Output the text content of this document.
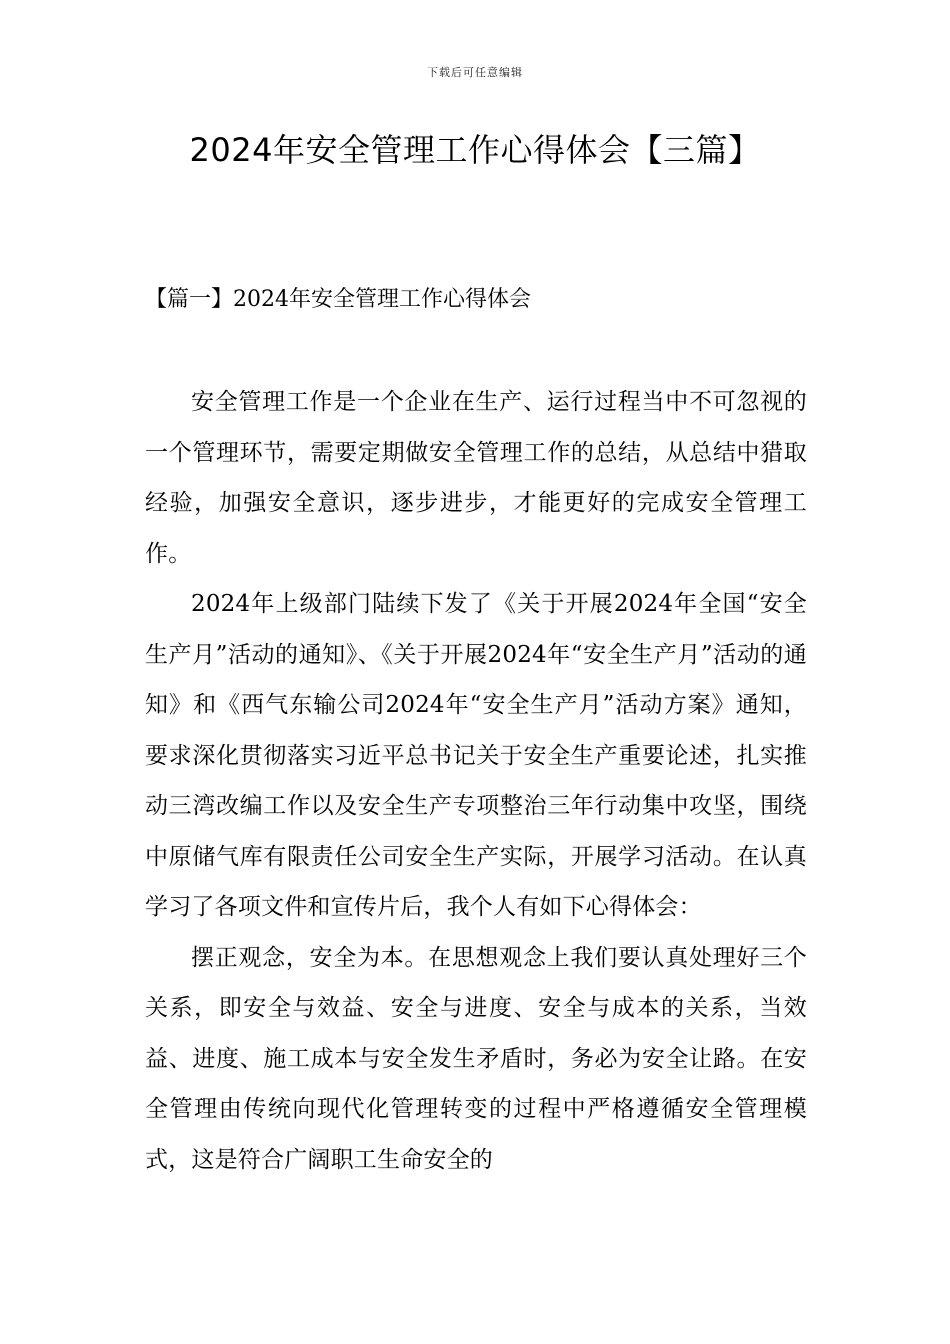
下载后可任意编辑
2024年安全管理工作心得体会【三篇】
【篇一】2024年安全管理工作心得体会

安全管理工作是一个企业在生产、运行过程当中不可忽视的一个管理环节，需要定期做安全管理工作的总结，从总结中猎取经验，加强安全意识，逐步进步，才能更好的完成安全管理工作。

2024年上级部门陆续下发了《关于开展2024年全国“安全生产月”活动的通知》、《关于开展2024年“安全生产月”活动的通知》和《西气东输公司2024年“安全生产月”活动方案》通知，要求深化贯彻落实习近平总书记关于安全生产重要论述，扎实推动三湾改编工作以及安全生产专项整治三年行动集中攻坚，围绕中原储气库有限责任公司安全生产实际，开展学习活动。在认真学习了各项文件和宣传片后，我个人有如下心得体会：

摆正观念，安全为本。在思想观念上我们要认真处理好三个关系，即安全与效益、安全与进度、安全与成本的关系，当效益、进度、施工成本与安全发生矛盾时，务必为安全让路。在安全管理由传统向现代化管理转变的过程中严格遵循安全管理模式，这是符合广阔职工生命安全的
